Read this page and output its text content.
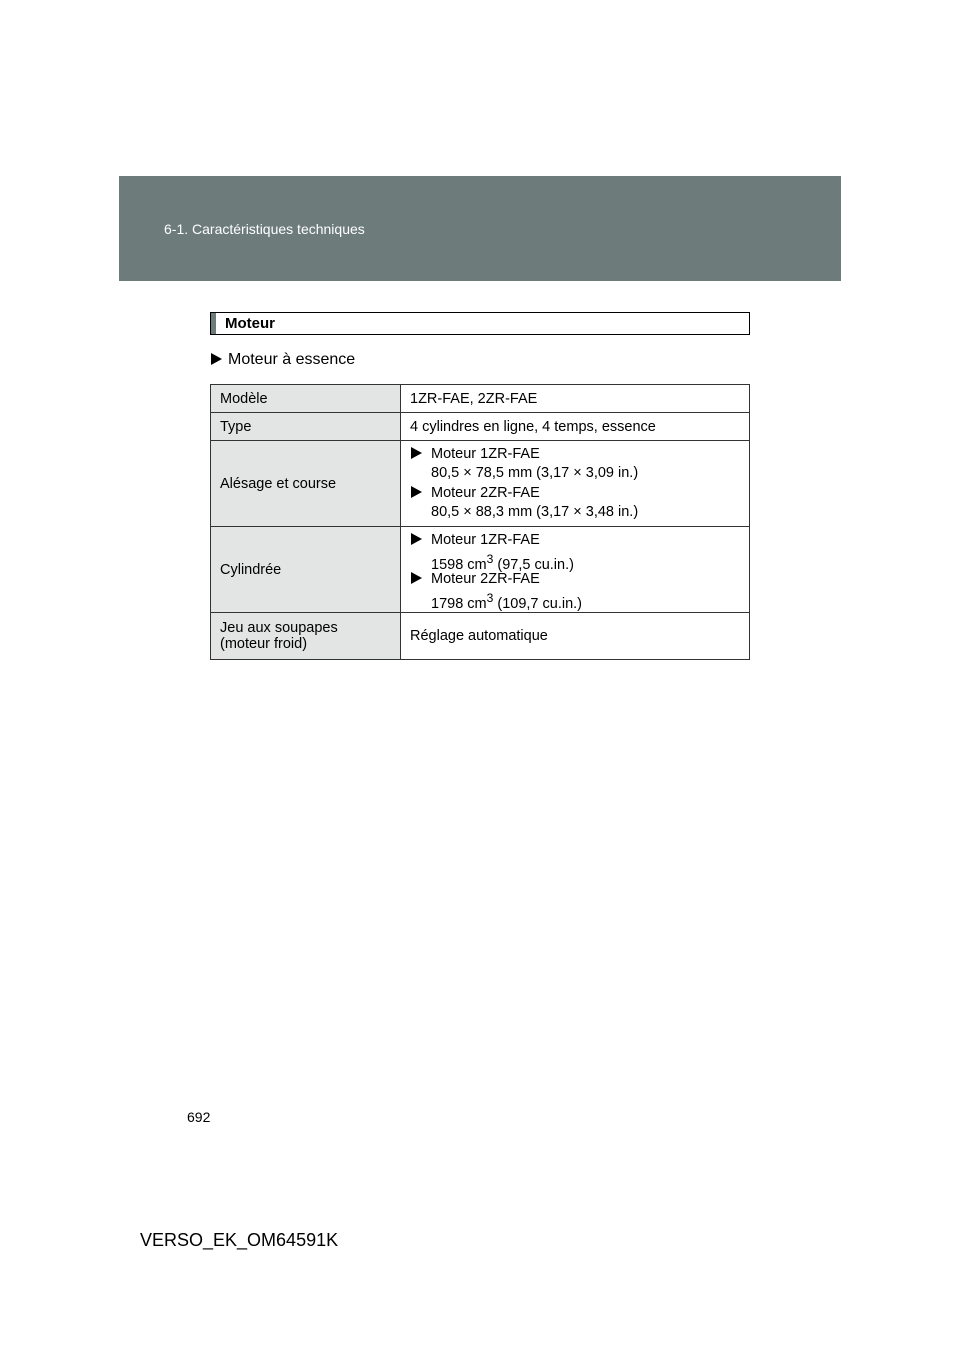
6-1. Caractéristiques techniques
Moteur
Moteur à essence
Modèle	1ZR-FAE, 2ZR-FAE
Type	4 cylindres en ligne, 4 temps, essence
Alésage et course	Moteur 1ZR-FAE
80,5 × 78,5 mm (3,17 × 3,09 in.)
Moteur 2ZR-FAE
80,5 × 88,3 mm (3,17 × 3,48 in.)

Cylindrée	Moteur 1ZR-FAE
1598 $cm^3$ (97,5 cu.in.)
Moteur 2ZR-FAE
1798 $cm^3$ (109,7 cu.in.)

Jeu aux soupapes
(moteur froid)	Réglage automatique
692
VERSO_EK_OM64591K
